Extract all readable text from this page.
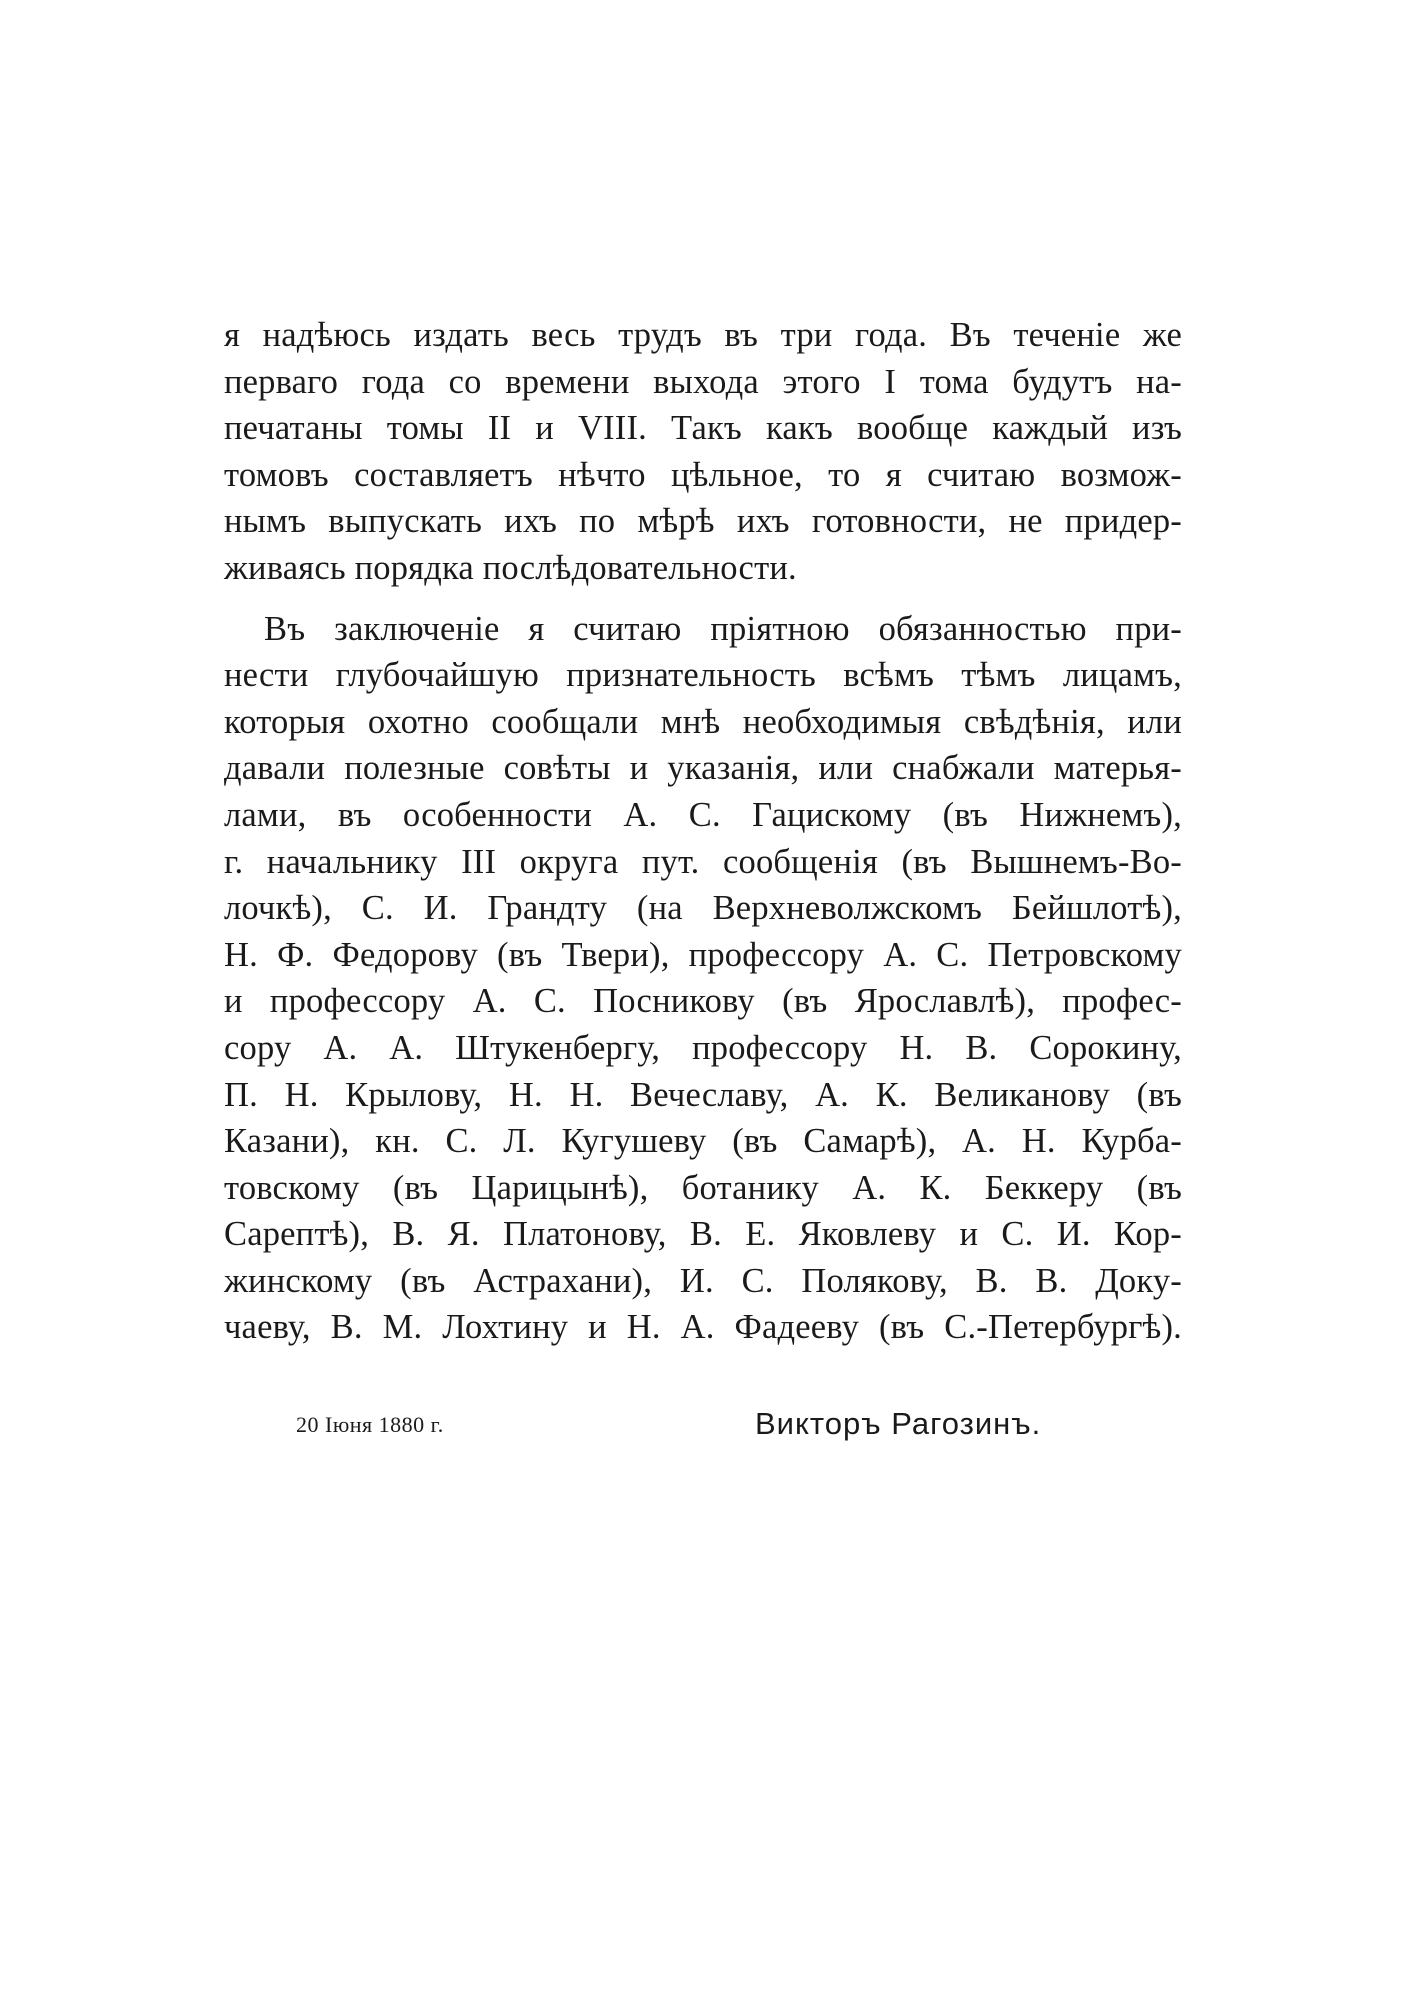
я надѣюсь издать весь трудъ въ три года. Въ теченіе же
перваго года со времени выхода этого I тома будутъ на-
печатаны томы II и VIII. Такъ какъ вообще каждый изъ
томовъ составляетъ нѣчто цѣльное, то я считаю возмож-
нымъ выпускать ихъ по мѣрѣ ихъ готовности, не придер-
живаясь порядка послѣдовательности.
Въ заключеніе я считаю пріятною обязанностью при-
нести глубочайшую признательность всѣмъ тѣмъ лицамъ,
которыя охотно сообщали мнѣ необходимыя свѣдѣнія, или
давали полезные совѣты и указанія, или снабжали матерья-
лами, въ особенности А. С. Гацискому (въ Нижнемъ),
г. начальнику III округа пут. сообщенія (въ Вышнемъ-Во-
лочкѣ), С. И. Грандту (на Верхневолжскомъ Бейшлотѣ),
Н. Ф. Федорову (въ Твери), профессору А. С. Петровскому
и профессору А. С. Посникову (въ Ярославлѣ), профес-
сору А. А. Штукенбергу, профессору Н. В. Сорокину,
П. Н. Крылову, Н. Н. Вечеславу, А. К. Великанову (въ
Казани), кн. С. Л. Кугушеву (въ Самарѣ), А. Н. Курба-
товскому (въ Царицынѣ), ботанику А. К. Беккеру (въ
Сарептѣ), В. Я. Платонову, В. Е. Яковлеву и С. И. Кор-
жинскому (въ Астрахани), И. С. Полякову, В. В. Доку-
чаеву, В. М. Лохтину и Н. А. Фадееву (въ С.-Петербургѣ).
20 Іюня 1880 г.	Викторъ Рагозинъ.
